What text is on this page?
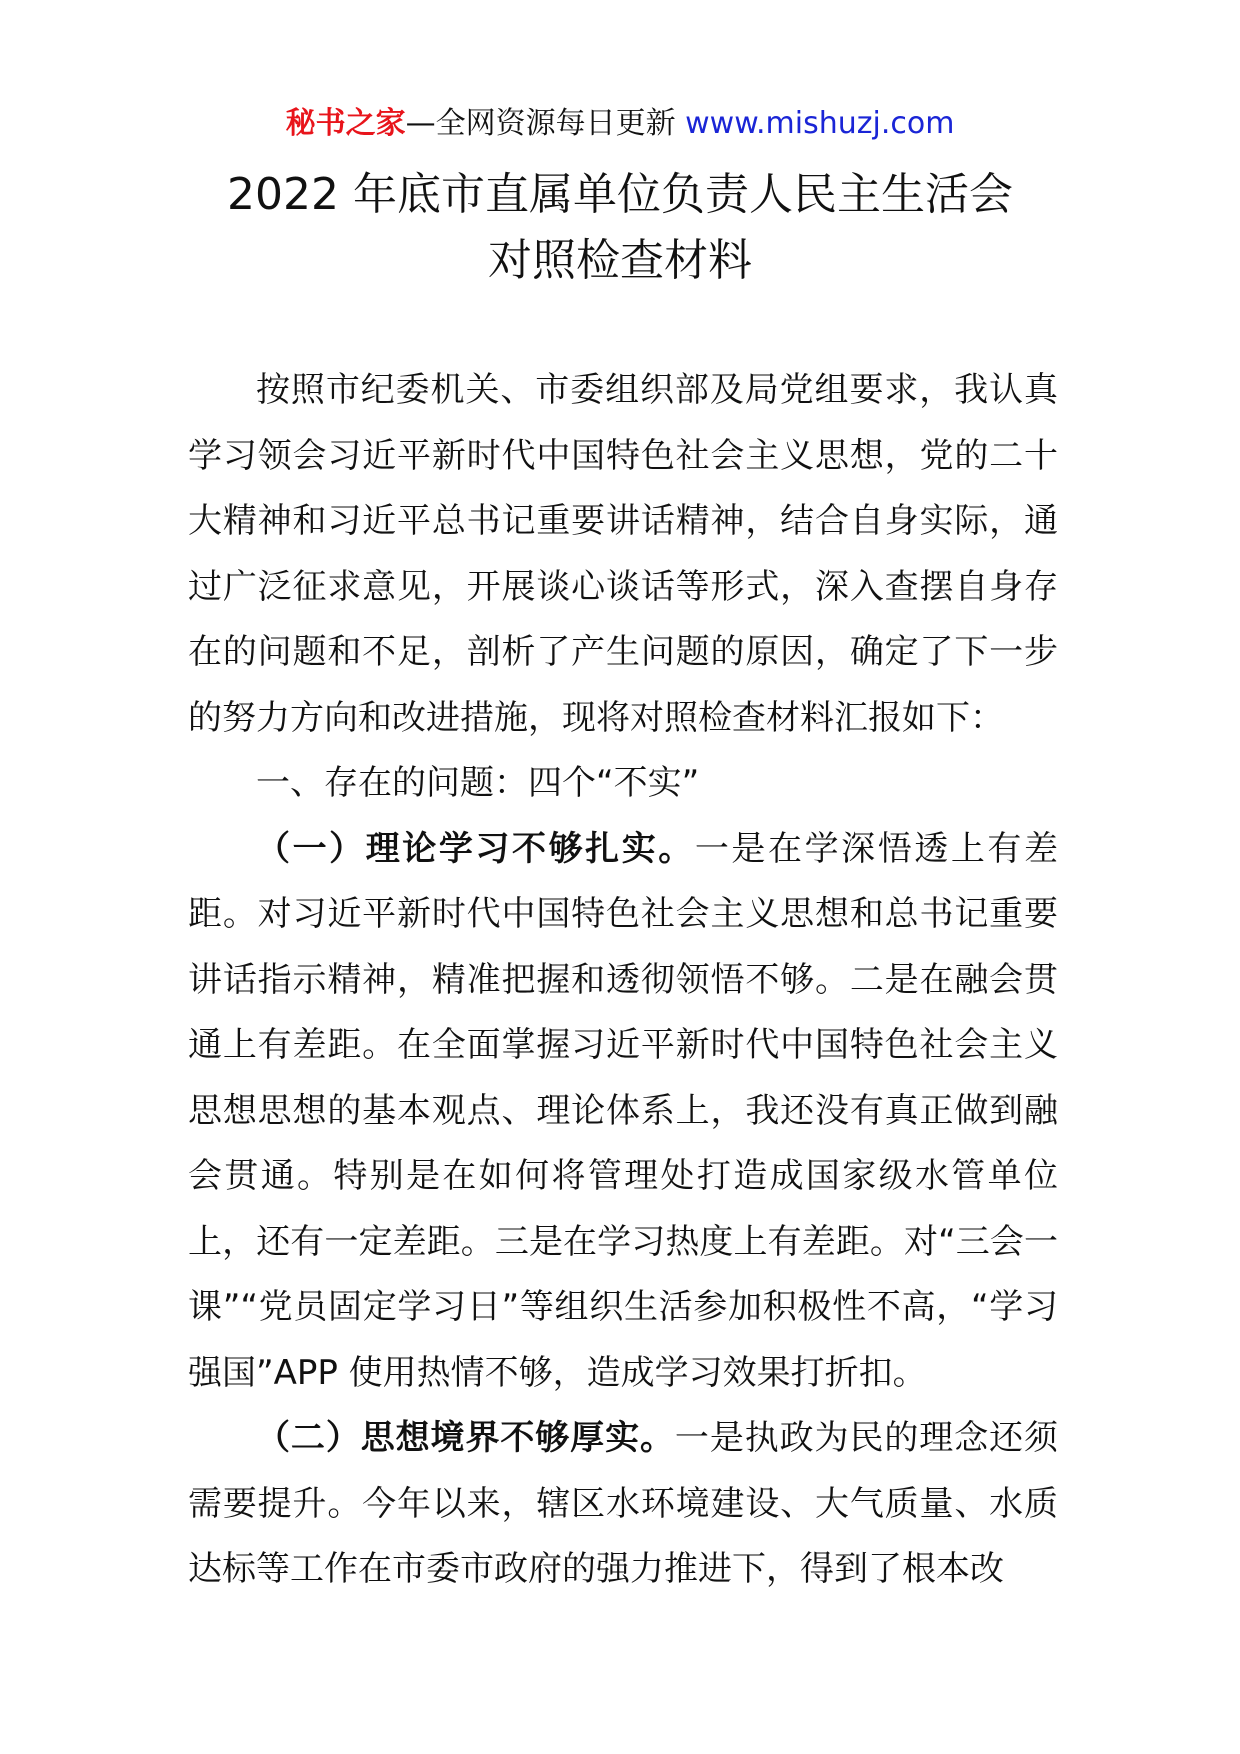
秘书之家—全网资源每日更新 www.mishuzj.com
2022 年底市直属单位负责人民主生活会
对照检查材料

按照市纪委机关、市委组织部及局党组要求，我认真学习领会习近平新时代中国特色社会主义思想，党的二十大精神和习近平总书记重要讲话精神，结合自身实际，通过广泛征求意见，开展谈心谈话等形式，深入查摆自身存在的问题和不足，剖析了产生问题的原因，确定了下一步的努力方向和改进措施，现将对照检查材料汇报如下：

一、存在的问题：四个“不实”

（一）理论学习不够扎实。一是在学深悟透上有差距。对习近平新时代中国特色社会主义思想和总书记重要讲话指示精神，精准把握和透彻领悟不够。二是在融会贯通上有差距。在全面掌握习近平新时代中国特色社会主义思想思想的基本观点、理论体系上，我还没有真正做到融会贯通。特别是在如何将管理处打造成国家级水管单位上，还有一定差距。三是在学习热度上有差距。对“三会一课”“党员固定学习日”等组织生活参加积极性不高，“学习强国”APP 使用热情不够，造成学习效果打折扣。

（二）思想境界不够厚实。一是执政为民的理念还须需要提升。今年以来，辖区水环境建设、大气质量、水质达标等工作在市委市政府的强力推进下，得到了根本改
